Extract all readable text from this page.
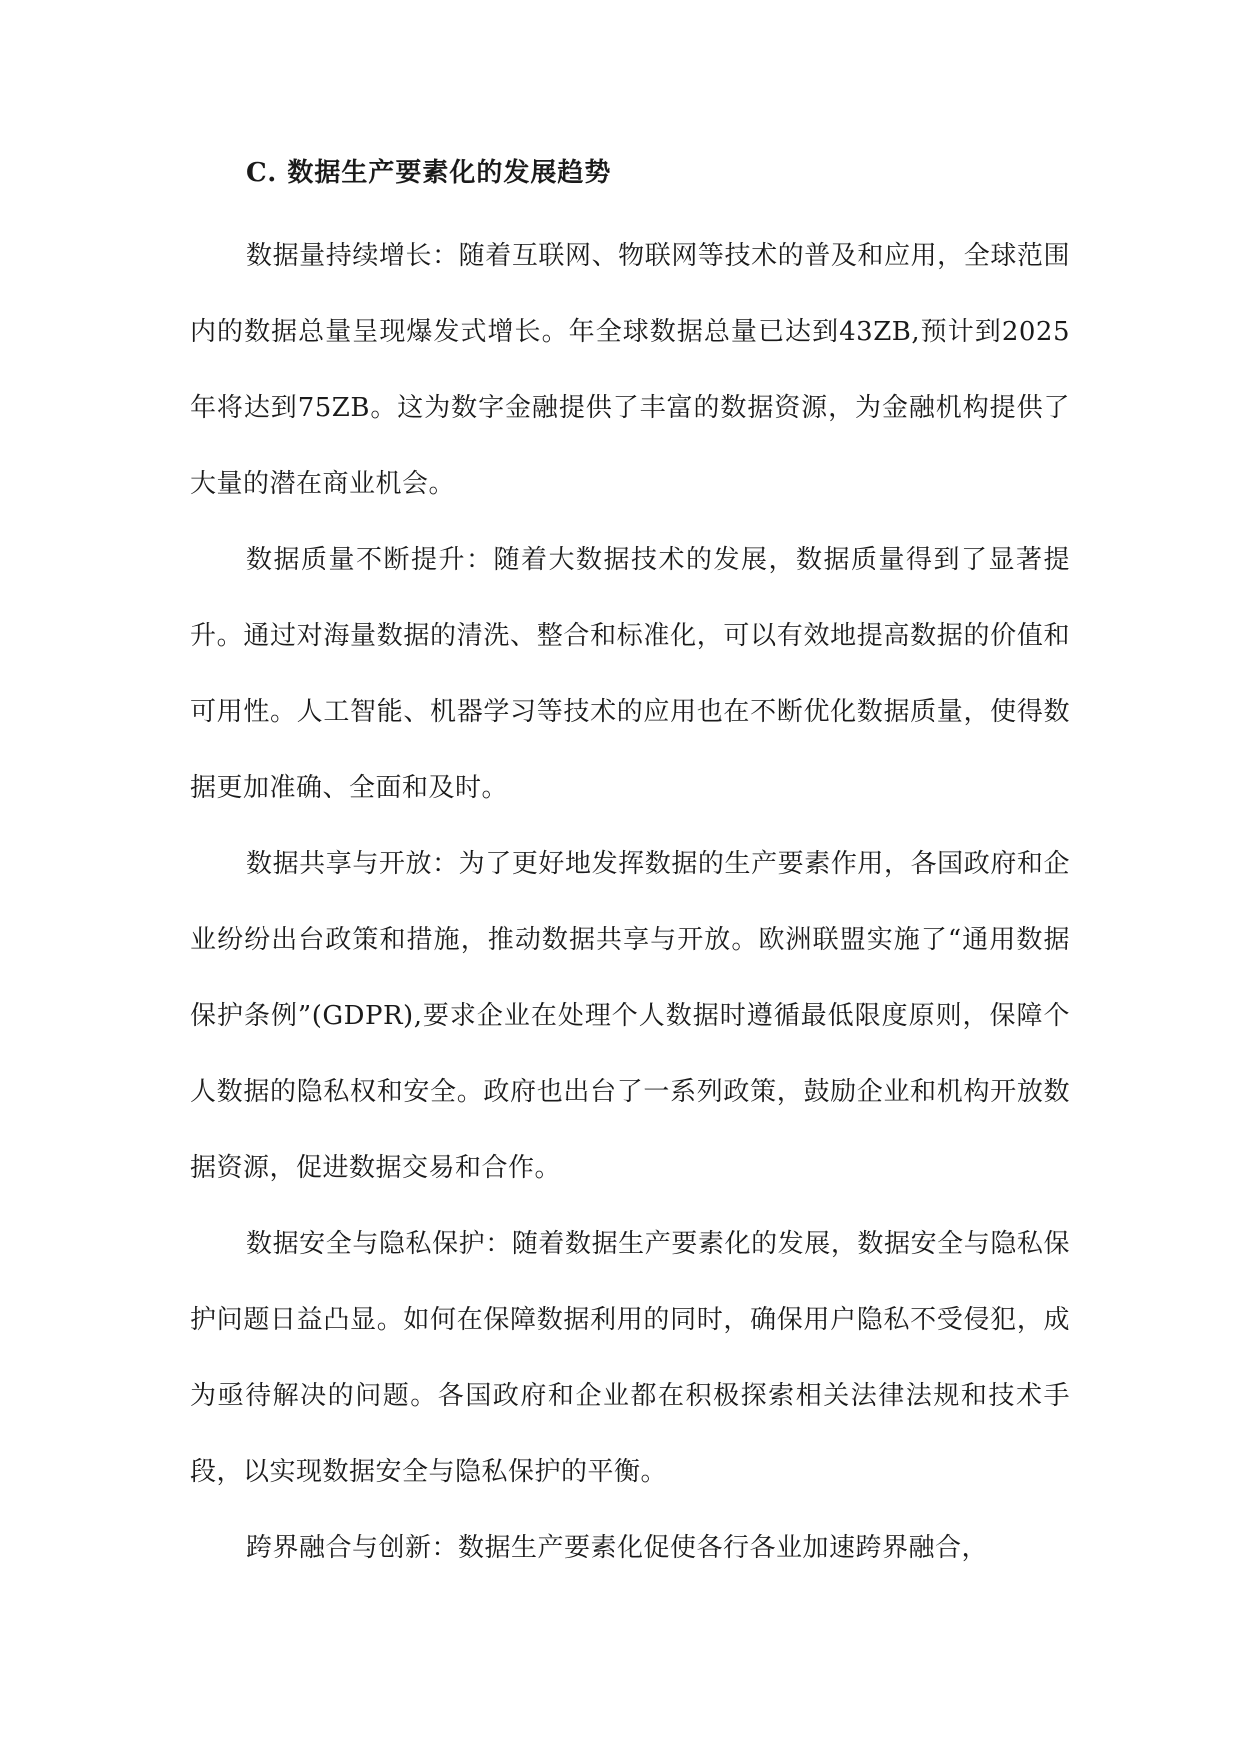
C. 数据生产要素化的发展趋势

数据量持续增长：随着互联网、物联网等技术的普及和应用，全球范围内的数据总量呈现爆发式增长。年全球数据总量已达到43ZB,预计到2025年将达到75ZB。这为数字金融提供了丰富的数据资源，为金融机构提供了大量的潜在商业机会。

数据质量不断提升：随着大数据技术的发展，数据质量得到了显著提升。通过对海量数据的清洗、整合和标准化，可以有效地提高数据的价值和可用性。人工智能、机器学习等技术的应用也在不断优化数据质量，使得数据更加准确、全面和及时。

数据共享与开放：为了更好地发挥数据的生产要素作用，各国政府和企业纷纷出台政策和措施，推动数据共享与开放。欧洲联盟实施了“通用数据保护条例”(GDPR),要求企业在处理个人数据时遵循最低限度原则，保障个人数据的隐私权和安全。政府也出台了一系列政策，鼓励企业和机构开放数据资源，促进数据交易和合作。

数据安全与隐私保护：随着数据生产要素化的发展，数据安全与隐私保护问题日益凸显。如何在保障数据利用的同时，确保用户隐私不受侵犯，成为亟待解决的问题。各国政府和企业都在积极探索相关法律法规和技术手段，以实现数据安全与隐私保护的平衡。

跨界融合与创新：数据生产要素化促使各行各业加速跨界融合，
